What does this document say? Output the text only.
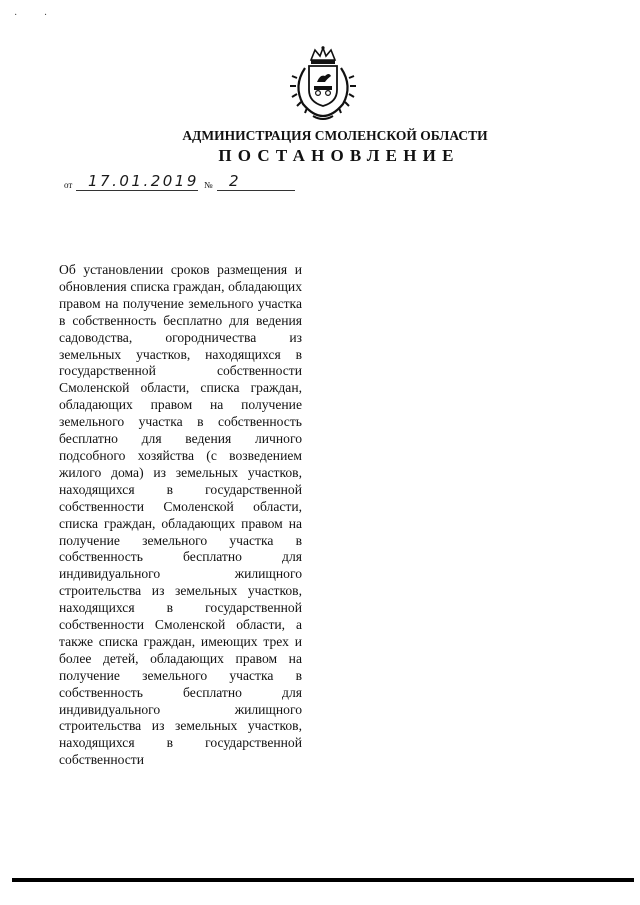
· ·
АДМИНИСТРАЦИЯ СМОЛЕНСКОЙ ОБЛАСТИ
ПОСТАНОВЛЕНИЕ
от 17.01.2019 № 2
Об установлении сроков размещения и обновления списка граждан, обладающих правом на получение земельного участка в собственность бесплатно для ведения садоводства, огородничества из земельных участков, находящихся в государственной собственности Смоленской области, списка граждан, обладающих правом на получение земельного участка в собственность бесплатно для ведения личного подсобного хозяйства (с возведением жилого дома) из земельных участков, находящихся в государственной собственности Смоленской области, списка граждан, обладающих правом на получение земельного участка в собственность бесплатно для индивидуального жилищного строительства из земельных участков, находящихся в государственной собственности Смоленской области, а также списка граждан, имеющих трех и более детей, обладающих правом на получение земельного участка в собственность бесплатно для индивидуального жилищного строительства из земельных участков, находящихся в государственной собственности
